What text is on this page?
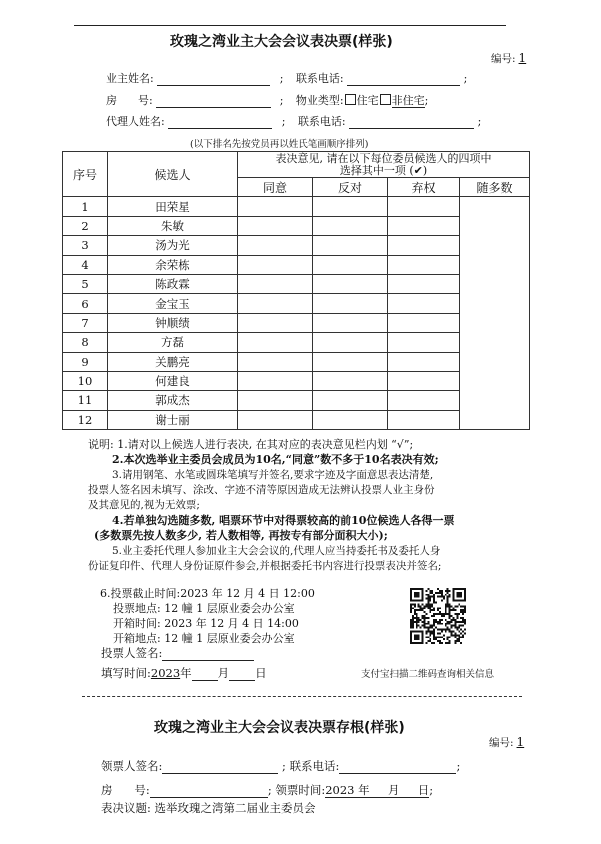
玫瑰之湾业主大会会议表决票(样张)
编号: 1
业主姓名:	; 联系电话:	;
房      号:	; 物业类型: 住宅 非住宅;
代理人姓名:	; 联系电话:	;
(以下排名先按党员再以姓氏笔画顺序排列)
序号	候选人	表决意见, 请在以下每位委员候选人的四项中
选择其中一项 (✔)			

		同意	反对	弃权	随多数
1	田荣星				
2	朱敏				
3	汤为光				
4	余荣栋				
5	陈政霖				
6	金宝玉				
7	钟顺绩				
8	方磊				
9	关鹏亮				
10	何建良				
11	郭成杰				
12	谢士丽				
说明: 1.请对以上候选人进行表决, 在其对应的表决意见栏内划 “√”;
2.本次选举业主委员会成员为10名,“同意”数不多于10名表决有效;
3.请用钢笔、水笔或圆珠笔填写并签名,要求字迹及字面意思表达清楚,
投票人签名因未填写、涂改、字迹不清等原因造成无法辨认投票人业主身份
及其意见的,视为无效票;
4.若单独勾选随多数, 唱票环节中对得票较高的前10位候选人各得一票
(多数票先按人数多少, 若人数相等, 再按专有部分面积大小);
5.业主委托代理人参加业主大会会议的,代理人应当持委托书及委托人身
份证复印件、代理人身份证原件参会,并根据委托书内容进行投票表决并签名;
6.投票截止时间:2023 年 12 月 4 日 12:00
投票地点: 12 幢 1 层原业委会办公室
开箱时间: 2023 年 12 月 4 日 14:00
开箱地点: 12 幢 1 层原业委会办公室
投票人签名:
填写时间:2023年 月 日	支付宝扫描二维码查询相关信息
玫瑰之湾业主大会会议表决票存根(样张)
编号: 1
领票人签名:	; 联系电话:	;
房      号:	; 领票时间:2023 年 月 日;
表决议题: 选举玫瑰之湾第二届业主委员会
